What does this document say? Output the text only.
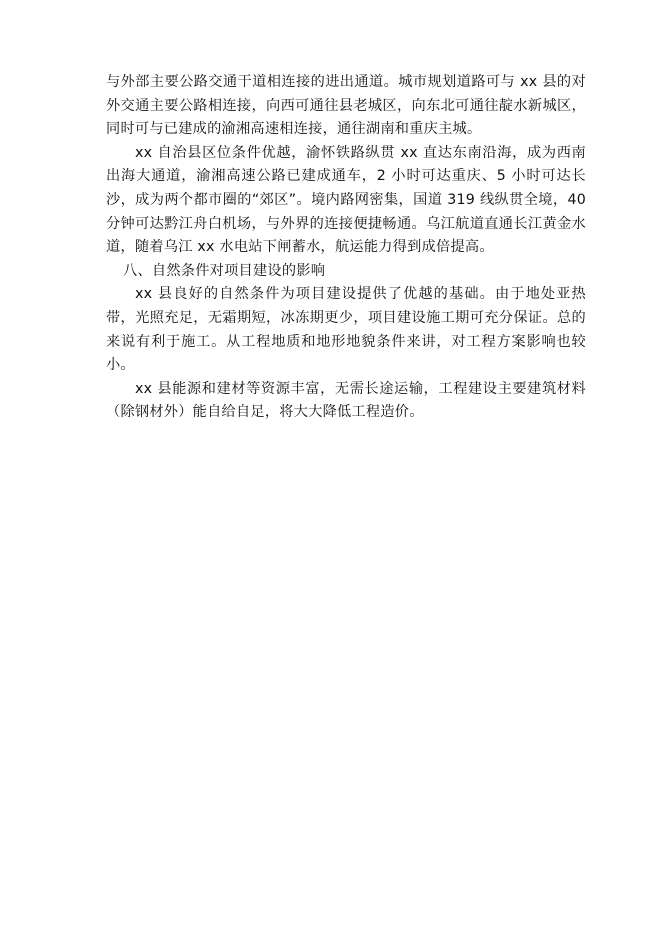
与外部主要公路交通干道相连接的进出通道。城市规划道路可与 xx 县的对外交通主要公路相连接，向西可通往县老城区，向东北可通往靛水新城区，同时可与已建成的渝湘高速相连接，通往湖南和重庆主城。

xx 自治县区位条件优越，渝怀铁路纵贯 xx 直达东南沿海，成为西南出海大通道，渝湘高速公路已建成通车，2 小时可达重庆、5 小时可达长沙，成为两个都市圈的“郊区”。境内路网密集，国道 319 线纵贯全境，40 分钟可达黔江舟白机场，与外界的连接便捷畅通。乌江航道直通长江黄金水道，随着乌江 xx 水电站下闸蓄水，航运能力得到成倍提高。

八、自然条件对项目建设的影响

xx 县良好的自然条件为项目建设提供了优越的基础。由于地处亚热带，光照充足，无霜期短，冰冻期更少，项目建设施工期可充分保证。总的来说有利于施工。从工程地质和地形地貌条件来讲，对工程方案影响也较小。

xx 县能源和建材等资源丰富，无需长途运输，工程建设主要建筑材料（除钢材外）能自给自足，将大大降低工程造价。
